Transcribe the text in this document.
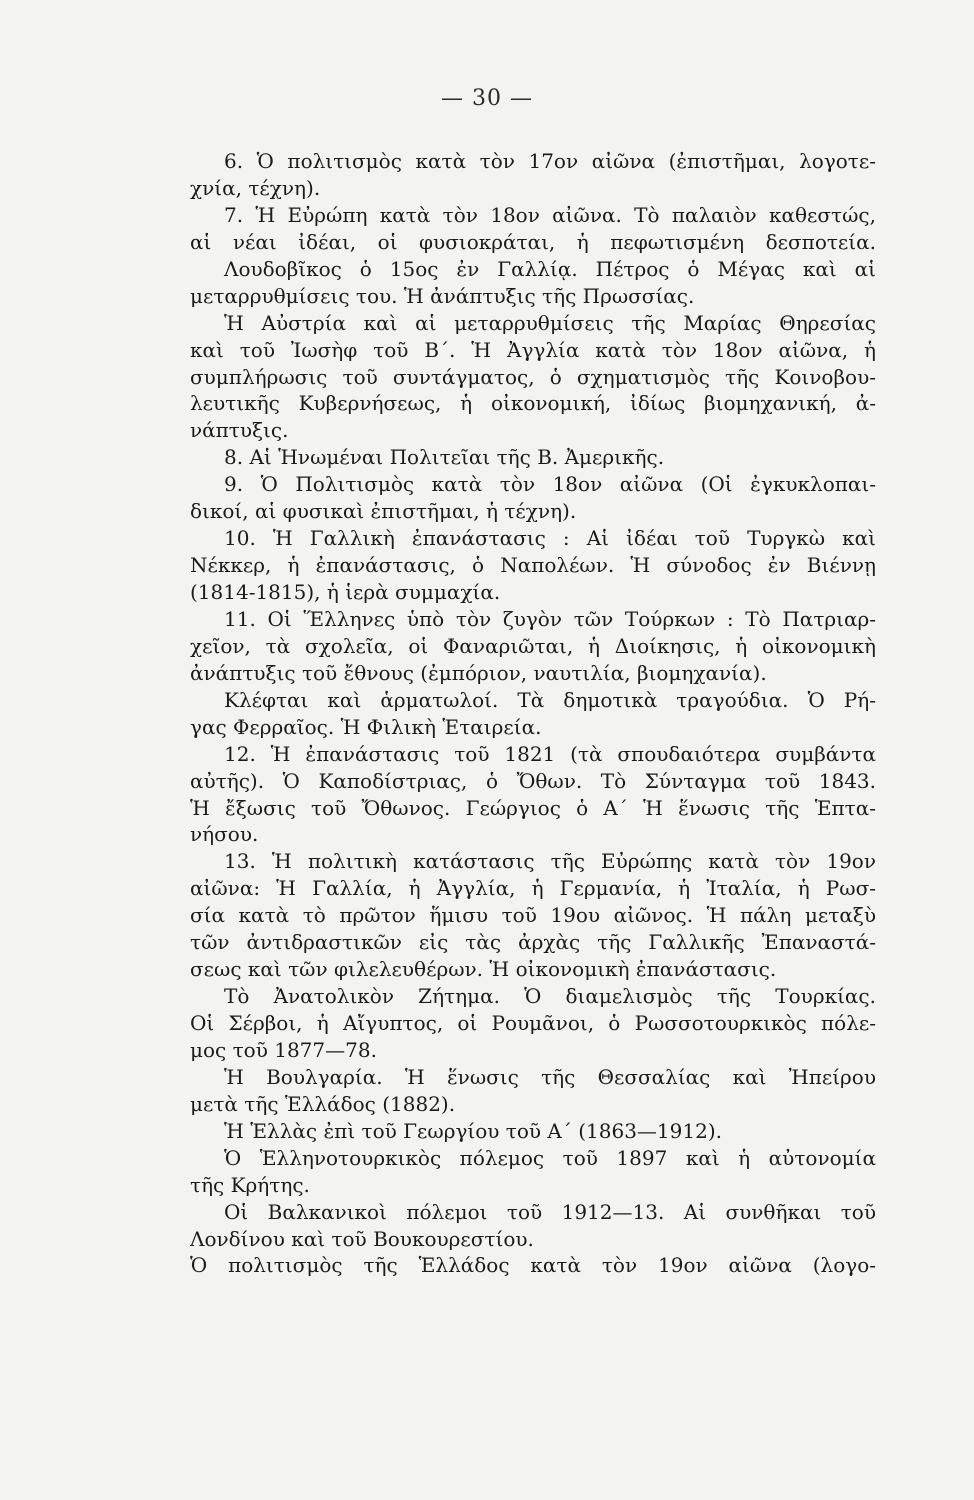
— 30 —
6. Ὁ πολιτισμὸς κατὰ τὸν 17ον αἰῶνα (ἐπιστῆμαι, λογοτε-
χνία, τέχνη).
7. Ἡ Εὐρώπη κατὰ τὸν 18ον αἰῶνα. Τὸ παλαιὸν καθεστώς,
αἱ νέαι ἰδέαι, οἱ φυσιοκράται, ἡ πεφωτισμένη δεσποτεία.
Λουδοβῖκος ὁ 15ος ἐν Γαλλίᾳ. Πέτρος ὁ Μέγας καὶ αἱ
μεταρρυθμίσεις του. Ἡ ἀνάπτυξις τῆς Πρωσσίας.
Ἡ Αὐστρία καὶ αἱ μεταρρυθμίσεις τῆς Μαρίας Θηρεσίας
καὶ τοῦ Ἰωσὴφ τοῦ Β΄. Ἡ Ἀγγλία κατὰ τὸν 18ον αἰῶνα, ἡ
συμπλήρωσις τοῦ συντάγματος, ὁ σχηματισμὸς τῆς Κοινοβου-
λευτικῆς Κυβερνήσεως, ἡ οἰκονομική, ἰδίως βιομηχανική, ἀ-
νάπτυξις.
8. Αἱ Ἡνωμέναι Πολιτεῖαι τῆς Β. Ἀμερικῆς.
9. Ὁ Πολιτισμὸς κατὰ τὸν 18ον αἰῶνα (Οἱ ἐγκυκλοπαι-
δικοί, αἱ φυσικαὶ ἐπιστῆμαι, ἡ τέχνη).
10. Ἡ Γαλλικὴ ἐπανάστασις : Αἱ ἰδέαι τοῦ Τυργκὼ καὶ
Νέκκερ, ἡ ἐπανάστασις, ὁ Ναπολέων. Ἡ σύνοδος ἐν Βιέννῃ
(1814-1815), ἡ ἱερὰ συμμαχία.
11. Οἱ Ἕλληνες ὑπὸ τὸν ζυγὸν τῶν Τούρκων : Τὸ Πατριαρ-
χεῖον, τὰ σχολεῖα, οἱ Φαναριῶται, ἡ Διοίκησις, ἡ οἰκονομικὴ
ἀνάπτυξις τοῦ ἔθνους (ἐμπόριον, ναυτιλία, βιομηχανία).
Κλέφται καὶ ἁρματωλοί. Τὰ δημοτικὰ τραγούδια. Ὁ Ρή-
γας Φερραῖος. Ἡ Φιλικὴ Ἑταιρεία.
12. Ἡ ἐπανάστασις τοῦ 1821 (τὰ σπουδαιότερα συμβάντα
αὐτῆς). Ὁ Καποδίστριας, ὁ Ὄθων. Τὸ Σύνταγμα τοῦ 1843.
Ἡ ἔξωσις τοῦ Ὄθωνος. Γεώργιος ὁ Α΄ Ἡ ἕνωσις τῆς Ἑπτα-
νήσου.
13. Ἡ πολιτικὴ κατάστασις τῆς Εὐρώπης κατὰ τὸν 19ον
αἰῶνα: Ἡ Γαλλία, ἡ Ἀγγλία, ἡ Γερμανία, ἡ Ἰταλία, ἡ Ρωσ-
σία κατὰ τὸ πρῶτον ἥμισυ τοῦ 19ου αἰῶνος. Ἡ πάλη μεταξὺ
τῶν ἀντιδραστικῶν εἰς τὰς ἀρχὰς τῆς Γαλλικῆς Ἐπαναστά-
σεως καὶ τῶν φιλελευθέρων. Ἡ οἰκονομικὴ ἐπανάστασις.
Τὸ Ἀνατολικὸν Ζήτημα. Ὁ διαμελισμὸς τῆς Τουρκίας.
Οἱ Σέρβοι, ἡ Αἴγυπτος, οἱ Ρουμᾶνοι, ὁ Ρωσσοτουρκικὸς πόλε-
μος τοῦ 1877—78.
Ἡ Βουλγαρία. Ἡ ἕνωσις τῆς Θεσσαλίας καὶ Ἠπείρου
μετὰ τῆς Ἑλλάδος (1882).
Ἡ Ἑλλὰς ἐπὶ τοῦ Γεωργίου τοῦ Α΄ (1863—1912).
Ὁ Ἑλληνοτουρκικὸς πόλεμος τοῦ 1897 καὶ ἡ αὐτονομία
τῆς Κρήτης.
Οἱ Βαλκανικοὶ πόλεμοι τοῦ 1912—13. Αἱ συνθῆκαι τοῦ
Λονδίνου καὶ τοῦ Βουκουρεστίου.
Ὁ πολιτισμὸς τῆς Ἑλλάδος κατὰ τὸν 19ον αἰῶνα (λογο-
